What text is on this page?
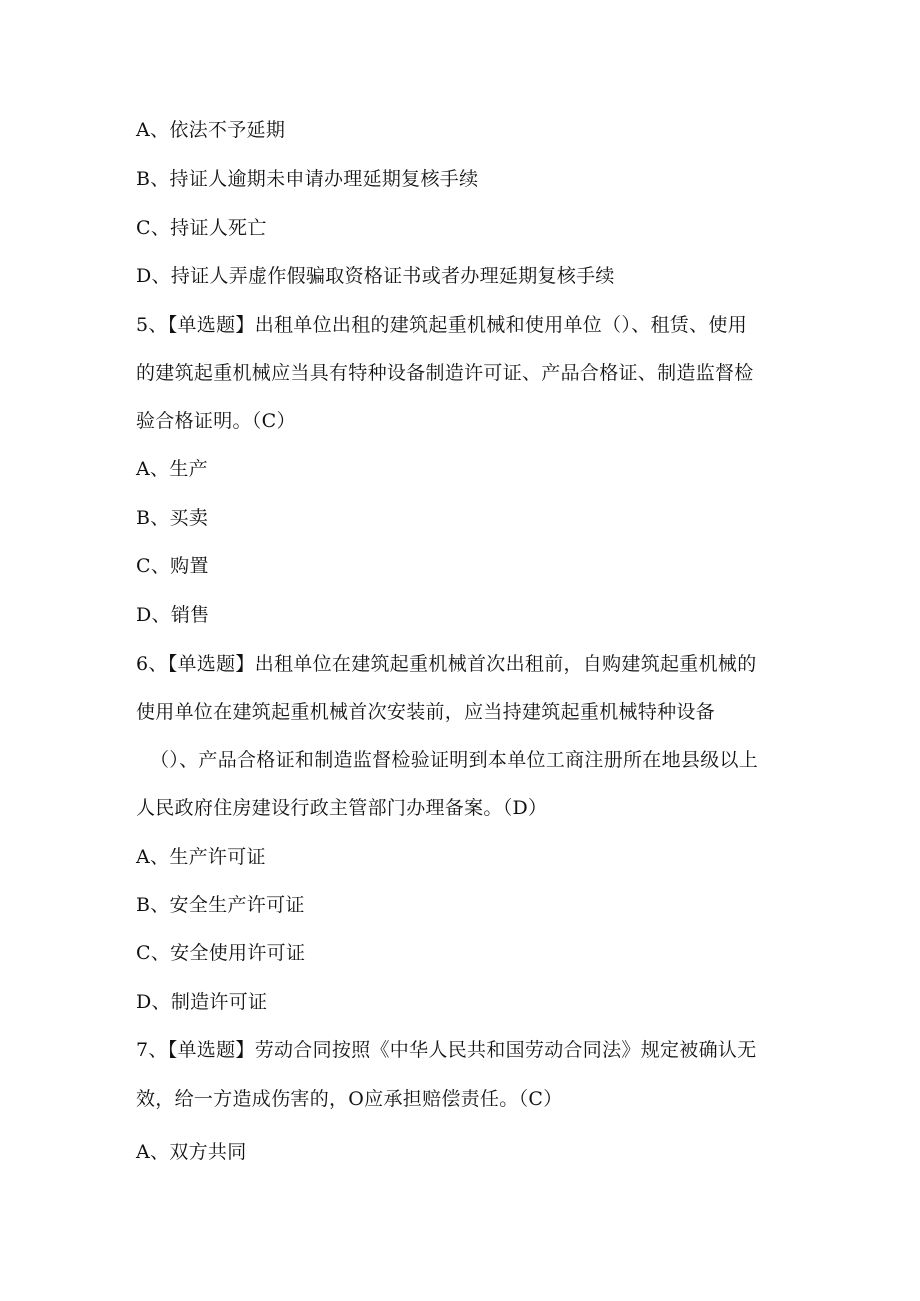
A、依法不予延期
B、持证人逾期未申请办理延期复核手续
C、持证人死亡
D、持证人弄虚作假骗取资格证书或者办理延期复核手续
5、【单选题】出租单位出租的建筑起重机械和使用单位（）、租赁、使用
的建筑起重机械应当具有特种设备制造许可证、产品合格证、制造监督检
验合格证明。（C）
A、生产
B、买卖
C、购置
D、销售
6、【单选题】出租单位在建筑起重机械首次出租前，自购建筑起重机械的
使用单位在建筑起重机械首次安装前，应当持建筑起重机械特种设备
（）、产品合格证和制造监督检验证明到本单位工商注册所在地县级以上
人民政府住房建设行政主管部门办理备案。（D）
A、生产许可证
B、安全生产许可证
C、安全使用许可证
D、制造许可证
7、【单选题】劳动合同按照《中华人民共和国劳动合同法》规定被确认无
效，给一方造成伤害的，O应承担赔偿责任。（C）
A、双方共同
